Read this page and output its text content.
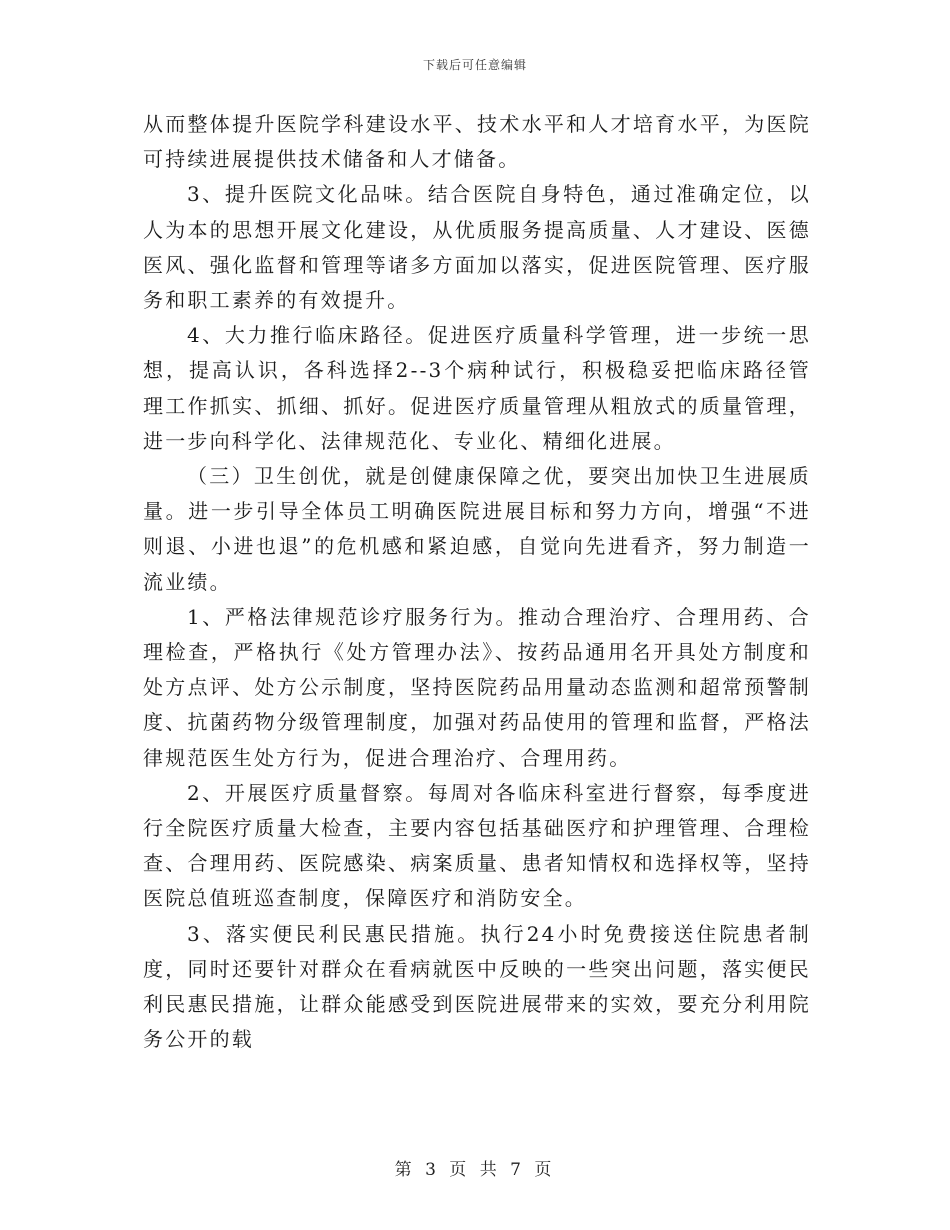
下载后可任意编辑

从而整体提升医院学科建设水平、技术水平和人才培育水平，为医院可持续进展提供技术储备和人才储备。

3、提升医院文化品味。结合医院自身特色，通过准确定位，以人为本的思想开展文化建设，从优质服务提高质量、人才建设、医德医风、强化监督和管理等诸多方面加以落实，促进医院管理、医疗服务和职工素养的有效提升。

4、大力推行临床路径。促进医疗质量科学管理，进一步统一思想，提高认识，各科选择2--3个病种试行，积极稳妥把临床路径管理工作抓实、抓细、抓好。促进医疗质量管理从粗放式的质量管理，进一步向科学化、法律规范化、专业化、精细化进展。

（三）卫生创优，就是创健康保障之优，要突出加快卫生进展质量。进一步引导全体员工明确医院进展目标和努力方向，增强“不进则退、小进也退”的危机感和紧迫感，自觉向先进看齐，努力制造一流业绩。

1、严格法律规范诊疗服务行为。推动合理治疗、合理用药、合理检查，严格执行《处方管理办法》、按药品通用名开具处方制度和处方点评、处方公示制度，坚持医院药品用量动态监测和超常预警制度、抗菌药物分级管理制度，加强对药品使用的管理和监督，严格法律规范医生处方行为，促进合理治疗、合理用药。

2、开展医疗质量督察。每周对各临床科室进行督察，每季度进行全院医疗质量大检查，主要内容包括基础医疗和护理管理、合理检查、合理用药、医院感染、病案质量、患者知情权和选择权等，坚持医院总值班巡查制度，保障医疗和消防安全。

3、落实便民利民惠民措施。执行24小时免费接送住院患者制度，同时还要针对群众在看病就医中反映的一些突出问题，落实便民利民惠民措施，让群众能感受到医院进展带来的实效，要充分利用院务公开的载

第 3 页 共 7 页
